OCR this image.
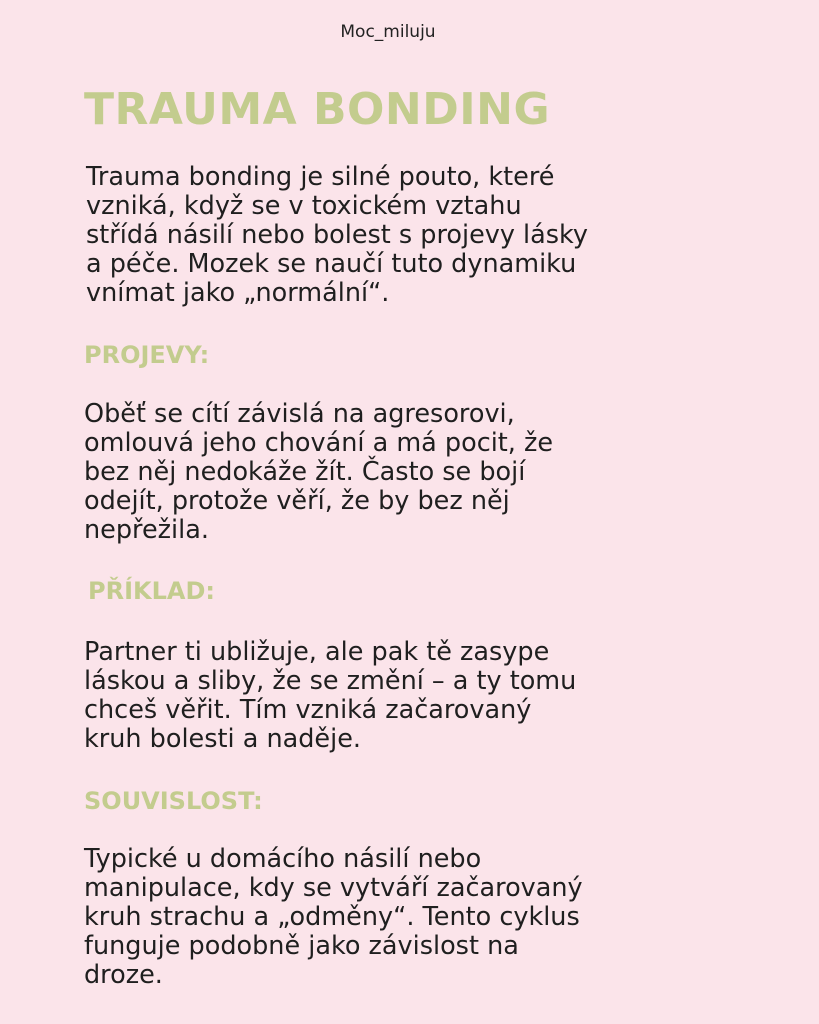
Moc_miluju
TRAUMA BONDING

Trauma bonding je silné pouto, které
vzniká, když se v toxickém vztahu
střídá násilí nebo bolest s projevy lásky
a péče. Mozek se naučí tuto dynamiku
vnímat jako „normální“.

PROJEVY:

Oběť se cítí závislá na agresorovi,
omlouvá jeho chování a má pocit, že
bez něj nedokáže žít. Často se bojí
odejít, protože věří, že by bez něj
nepřežila.

PŘÍKLAD:

Partner ti ubližuje, ale pak tě zasype
láskou a sliby, že se změní – a ty tomu
chceš věřit. Tím vzniká začarovaný
kruh bolesti a naděje.

SOUVISLOST:

Typické u domácího násilí nebo
manipulace, kdy se vytváří začarovaný
kruh strachu a „odměny“. Tento cyklus
funguje podobně jako závislost na
droze.
